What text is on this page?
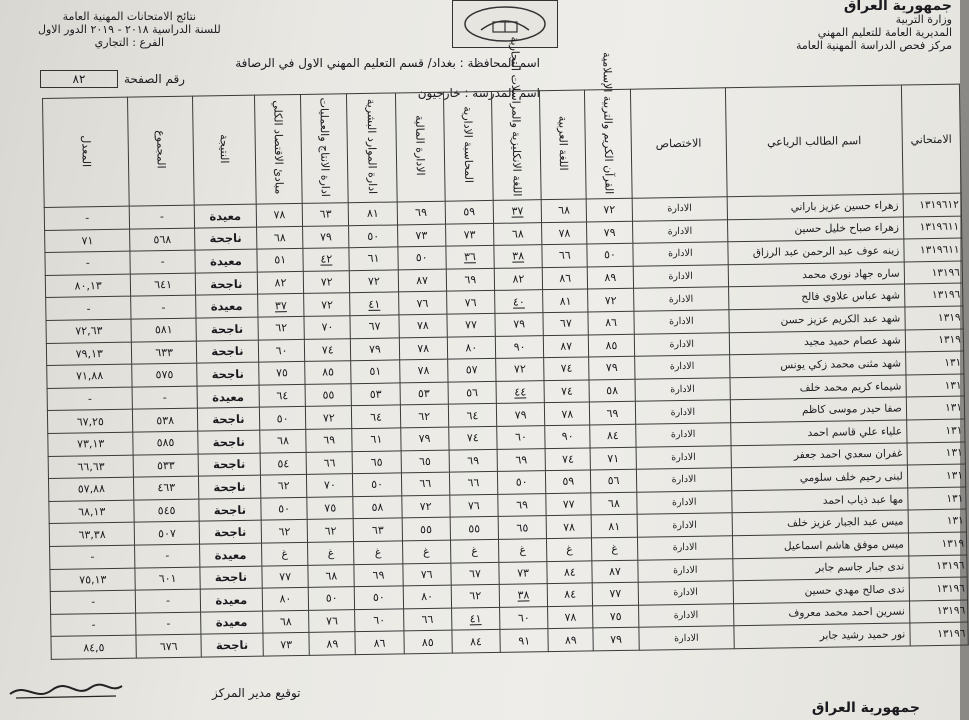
جمهورية العراق
وزارة التربية
المديرية العامة للتعليم المهني
مركز فحص الدراسة المهنية العامة
نتائج الامتحانات المهنية العامة
للسنة الدراسية ٢٠١٨ - ٢٠١٩ الدور الاول
الفرع : التجاري
اسم المحافظة : بغداد/ قسم التعليم المهني الاول في الرصافة
اسم المدرسة : خارجيون
رقم الصفحة
٨٢
الامتحاني	اسم الطالب الرباعي	الاختصاص	القرآن الكريم والتربية الإسلامية	اللغة العربية	اللغة الانكليزية والمراسلات التجارية	المحاسبة الادارية	الادارة المالية	ادارة الموارد البشرية	ادارة الانتاج والعمليات	مبادئ الاقتصاد الكلي	النتيجة	المجموع	المعدل
١٣١٩٦١٢	زهراء حسين عزيز باراني	الادارة	٧٢	٦٨	٣٧	٥٩	٦٩	٨١	٦٣	٧٨	معيدة	-	-
١٣١٩٦١١	زهراء صباح خليل حسين	الادارة	٧٩	٧٨	٦٨	٧٣	٧٣	٥٠	٧٩	٦٨	ناجحة	٥٦٨	٧١
١٣١٩٦١١	زينه عوف عبد الرحمن عبد الرزاق	الادارة	٥٠	٦٦	٣٨	٣٦	٥٠	٦١	٤٢	٥١	معيدة	-	-
١٣١٩٦	ساره جهاد نوري محمد	الادارة	٨٩	٨٦	٨٢	٦٩	٨٧	٧٢	٧٢	٨٢	ناجحة	٦٤١	٨٠,١٣
١٣١٩٦	شهد عباس علاوي فالح	الادارة	٧٢	٨١	٤٠	٧٦	٧٦	٤١	٧٢	٣٧	معيدة	-	-
١٣١٩	شهد عبد الكريم عزيز حسن	الادارة	٨٦	٦٧	٧٩	٧٧	٧٨	٦٧	٧٠	٦٢	ناجحة	٥٨١	٧٢,٦٣
١٣١٩	شهد عصام حميد مجيد	الادارة	٨٥	٨٧	٩٠	٨٠	٧٨	٧٩	٧٤	٦٠	ناجحة	٦٣٣	٧٩,١٣
١٣١	شهد مثنى محمد زكي يونس	الادارة	٧٩	٧٤	٧٢	٥٧	٧٨	٥١	٨٥	٧٥	ناجحة	٥٧٥	٧١,٨٨
١٣١	شيماء كريم محمد خلف	الادارة	٥٨	٧٤	٤٤	٥٦	٥٣	٥٣	٥٥	٦٤	معيدة	-	-
١٣١	صفا حيدر موسى كاظم	الادارة	٦٩	٧٨	٧٩	٦٤	٦٢	٦٤	٧٢	٥٠	ناجحة	٥٣٨	٦٧,٢٥
١٣١	علياء علي قاسم احمد	الادارة	٨٤	٩٠	٦٠	٧٤	٧٩	٦١	٦٩	٦٨	ناجحة	٥٨٥	٧٣,١٣
١٣١	غفران سعدي احمد جعفر	الادارة	٧١	٧٤	٦٩	٦٩	٦٥	٦٥	٦٦	٥٤	ناجحة	٥٣٣	٦٦,٦٣
١٣١	لبنى رحيم خلف سلومي	الادارة	٥٦	٥٩	٥٠	٦٦	٦٦	٥٠	٧٠	٦٢	ناجحة	٤٦٣	٥٧,٨٨
١٣١	مها عبد ذياب احمد	الادارة	٦٨	٧٧	٦٩	٧٦	٧٢	٥٨	٧٥	٥٠	ناجحة	٥٤٥	٦٨,١٣
١٣١	ميس عبد الجبار عزيز خلف	الادارة	٨١	٧٨	٦٥	٥٥	٥٥	٦٣	٦٢	٦٢	ناجحة	٥٠٧	٦٣,٣٨
١٣١٩	ميس موفق هاشم اسماعيل	الادارة	غ	غ	غ	غ	غ	غ	غ	غ	معيدة	-	-
١٣١٩٦	ندى جبار جاسم جابر	الادارة	٨٧	٨٤	٧٣	٦٧	٧٦	٦٩	٦٨	٧٧	ناجحة	٦٠١	٧٥,١٣
١٣١٩٦	ندى صالح مهدي حسين	الادارة	٧٧	٨٤	٣٨	٦٢	٨٠	٥٠	٥٠	٨٠	معيدة	-	-
١٣١٩٦	نسرين احمد محمد معروف	الادارة	٧٥	٧٨	٦٠	٤١	٦٦	٦٠	٧٦	٦٨	معيدة	-	-
١٣١٩٦	نور حميد رشيد جابر	الادارة	٧٩	٨٩	٩١	٨٤	٨٥	٨٦	٨٩	٧٣	ناجحة	٦٧٦	٨٤,٥
توقيع مدير المركز
جمهورية العراق
